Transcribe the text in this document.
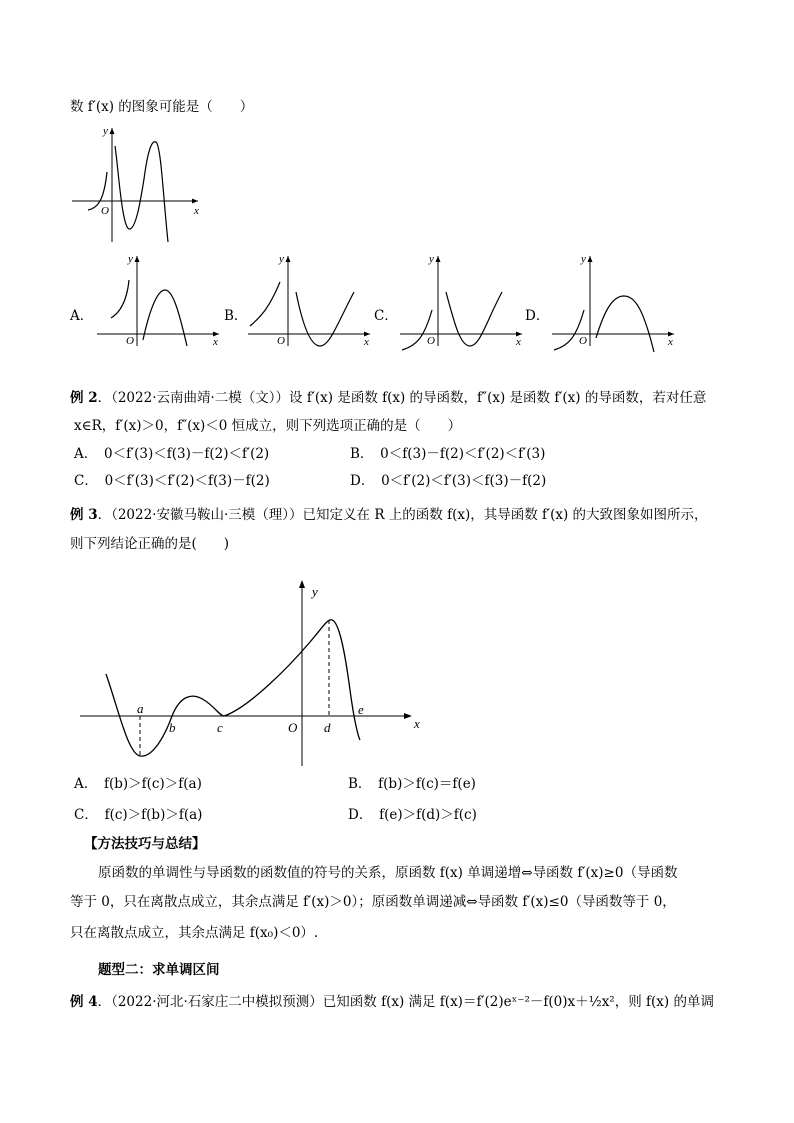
数 f′(x) 的图象可能是（　　）
O
y
x
A．	B．	C．	D．
O
y
x	O
y
x	O
y
x	O
y
x
例 2．（2022·云南曲靖·二模（文））设 f′(x) 是函数 f(x) 的导函数，f″(x) 是函数 f′(x) 的导函数，若对任意
x∈R，f′(x)＞0，f″(x)＜0 恒成立，则下列选项正确的是（　　）
A．　0＜f′(3)＜f(3)－f(2)＜f′(2)	B．　0＜f(3)－f(2)＜f′(2)＜f′(3)
C．　0＜f′(3)＜f′(2)＜f(3)－f(2)	D．　0＜f′(2)＜f′(3)＜f(3)－f(2)
例 3．（2022·安徽马鞍山·三模（理））已知定义在 R 上的函数 f(x)，其导函数 f′(x) 的大致图象如图所示，
则下列结论正确的是(　　)
a
b	c	O d
e
y
x
A．　f(b)＞f(c)＞f(a)	B．　f(b)＞f(c)＝f(e)
C．　f(c)＞f(b)＞f(a)	D．　f(e)＞f(d)＞f(c)
【方法技巧与总结】
原函数的单调性与导函数的函数值的符号的关系，原函数 f(x) 单调递增⇔导函数 f′(x)≥0（导函数
等于 0，只在离散点成立，其余点满足 f′(x)＞0）；原函数单调递减⇔导函数 f′(x)≤0（导函数等于 0，
只在离散点成立，其余点满足 f(x₀)＜0）.
题型二：求单调区间
例 4．（2022·河北·石家庄二中模拟预测）已知函数 f(x) 满足 f(x)＝f′(2)eˣ⁻²－f(0)x＋½x²，则 f(x) 的单调
